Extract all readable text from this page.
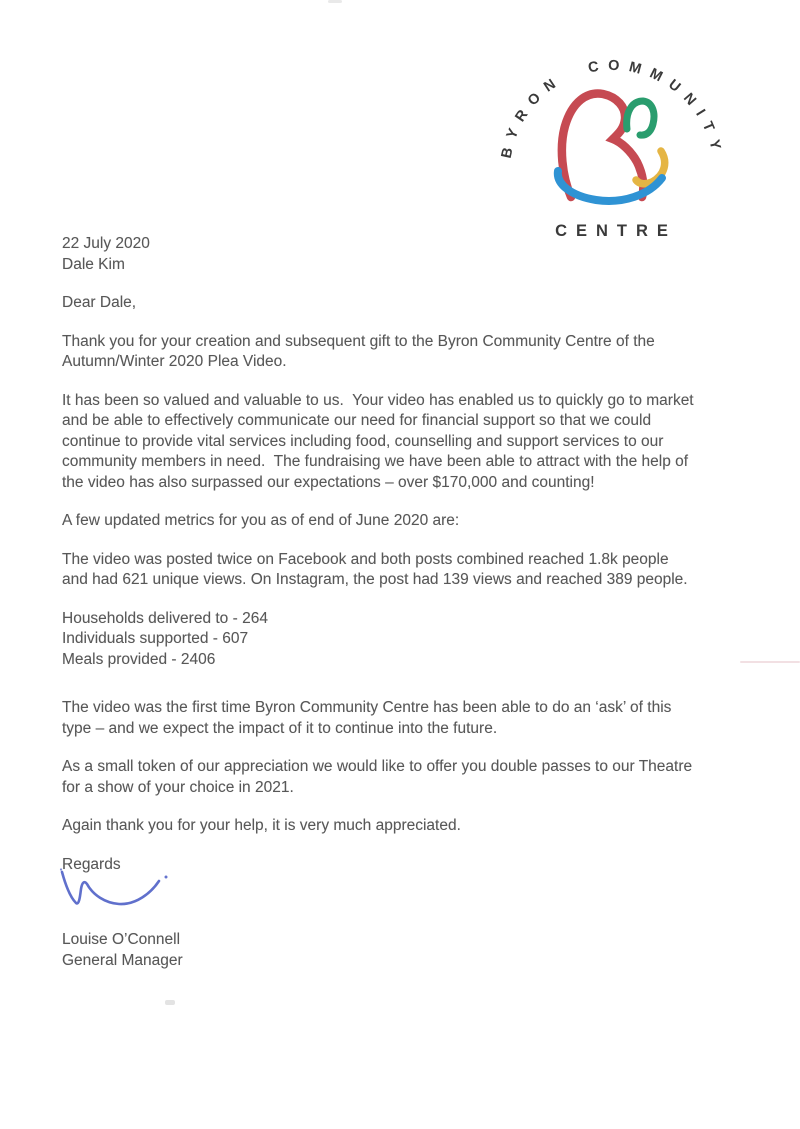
BYRON COMMUNITY
CENTRE
22 July 2020
Dale Kim

Dear Dale,

Thank you for your creation and subsequent gift to the Byron Community Centre of the
Autumn/Winter 2020 Plea Video.

It has been so valued and valuable to us.  Your video has enabled us to quickly go to market
and be able to effectively communicate our need for financial support so that we could
continue to provide vital services including food, counselling and support services to our
community members in need.  The fundraising we have been able to attract with the help of
the video has also surpassed our expectations – over $170,000 and counting!

A few updated metrics for you as of end of June 2020 are:

The video was posted twice on Facebook and both posts combined reached 1.8k people
and had 621 unique views. On Instagram, the post had 139 views and reached 389 people.

Households delivered to - 264
Individuals supported - 607
Meals provided - 2406

The video was the first time Byron Community Centre has been able to do an ‘ask’ of this
type – and we expect the impact of it to continue into the future.

As a small token of our appreciation we would like to offer you double passes to our Theatre
for a show of your choice in 2021.

Again thank you for your help, it is very much appreciated.

Regards

Louise O’Connell
General Manager
